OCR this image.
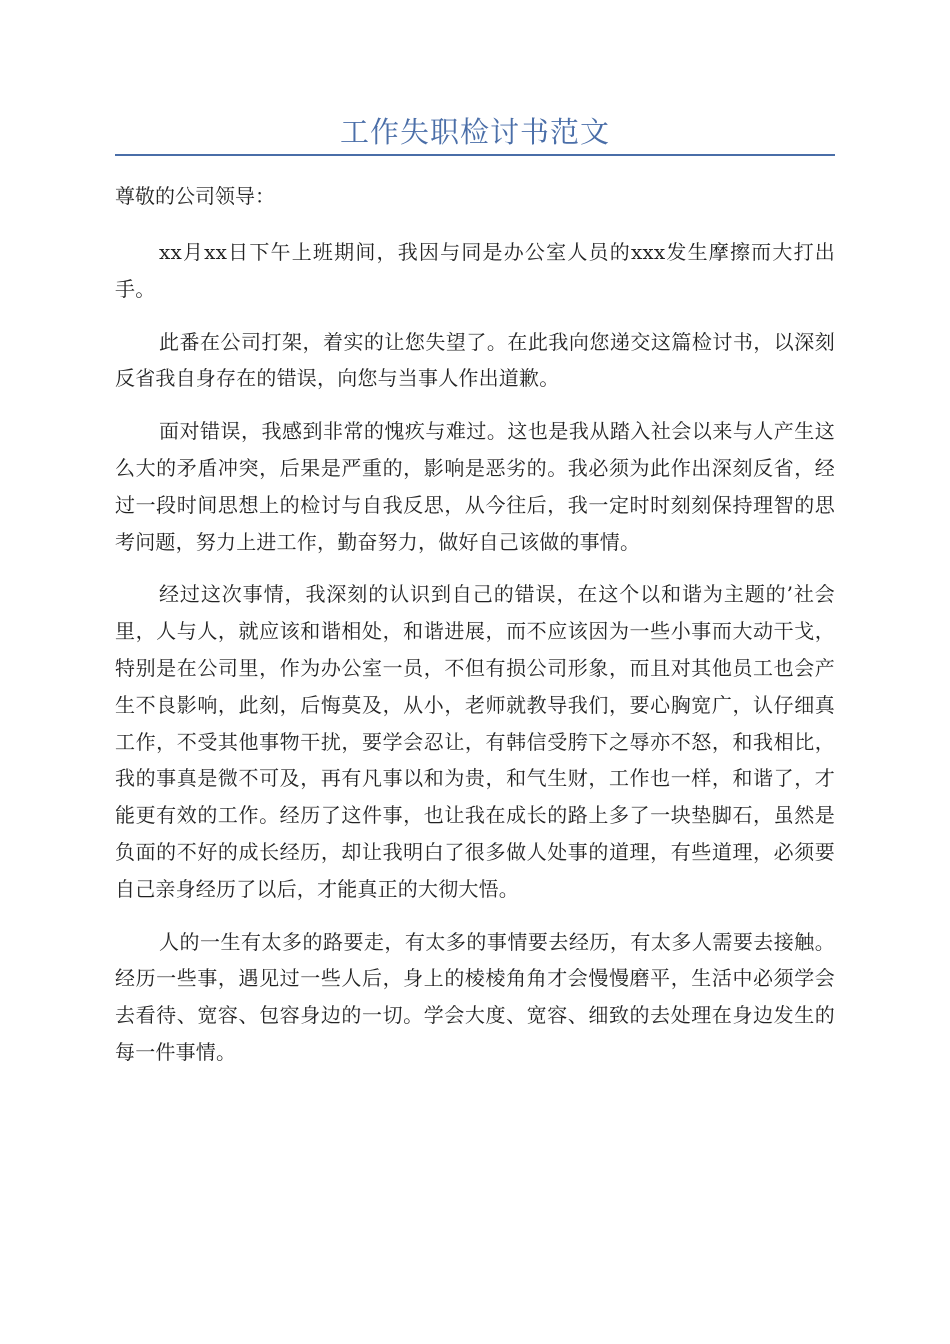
工作失职检讨书范文

尊敬的公司领导：

xx月xx日下午上班期间，我因与同是办公室人员的xxx发生摩擦而大打出手。

此番在公司打架，着实的让您失望了。在此我向您递交这篇检讨书，以深刻反省我自身存在的错误，向您与当事人作出道歉。

面对错误，我感到非常的愧疚与难过。这也是我从踏入社会以来与人产生这么大的矛盾冲突，后果是严重的，影响是恶劣的。我必须为此作出深刻反省，经过一段时间思想上的检讨与自我反思，从今往后，我一定时时刻刻保持理智的思考问题，努力上进工作，勤奋努力，做好自己该做的事情。

经过这次事情，我深刻的认识到自己的错误，在这个以和谐为主题的’社会里，人与人，就应该和谐相处，和谐进展，而不应该因为一些小事而大动干戈，特别是在公司里，作为办公室一员，不但有损公司形象，而且对其他员工也会产生不良影响，此刻，后悔莫及，从小，老师就教导我们，要心胸宽广，认仔细真工作，不受其他事物干扰，要学会忍让，有韩信受胯下之辱亦不怒，和我相比，我的事真是微不可及，再有凡事以和为贵，和气生财，工作也一样，和谐了，才能更有效的工作。经历了这件事，也让我在成长的路上多了一块垫脚石，虽然是负面的不好的成长经历，却让我明白了很多做人处事的道理，有些道理，必须要自己亲身经历了以后，才能真正的大彻大悟。

人的一生有太多的路要走，有太多的事情要去经历，有太多人需要去接触。经历一些事，遇见过一些人后，身上的棱棱角角才会慢慢磨平，生活中必须学会去看待、宽容、包容身边的一切。学会大度、宽容、细致的去处理在身边发生的每一件事情。
